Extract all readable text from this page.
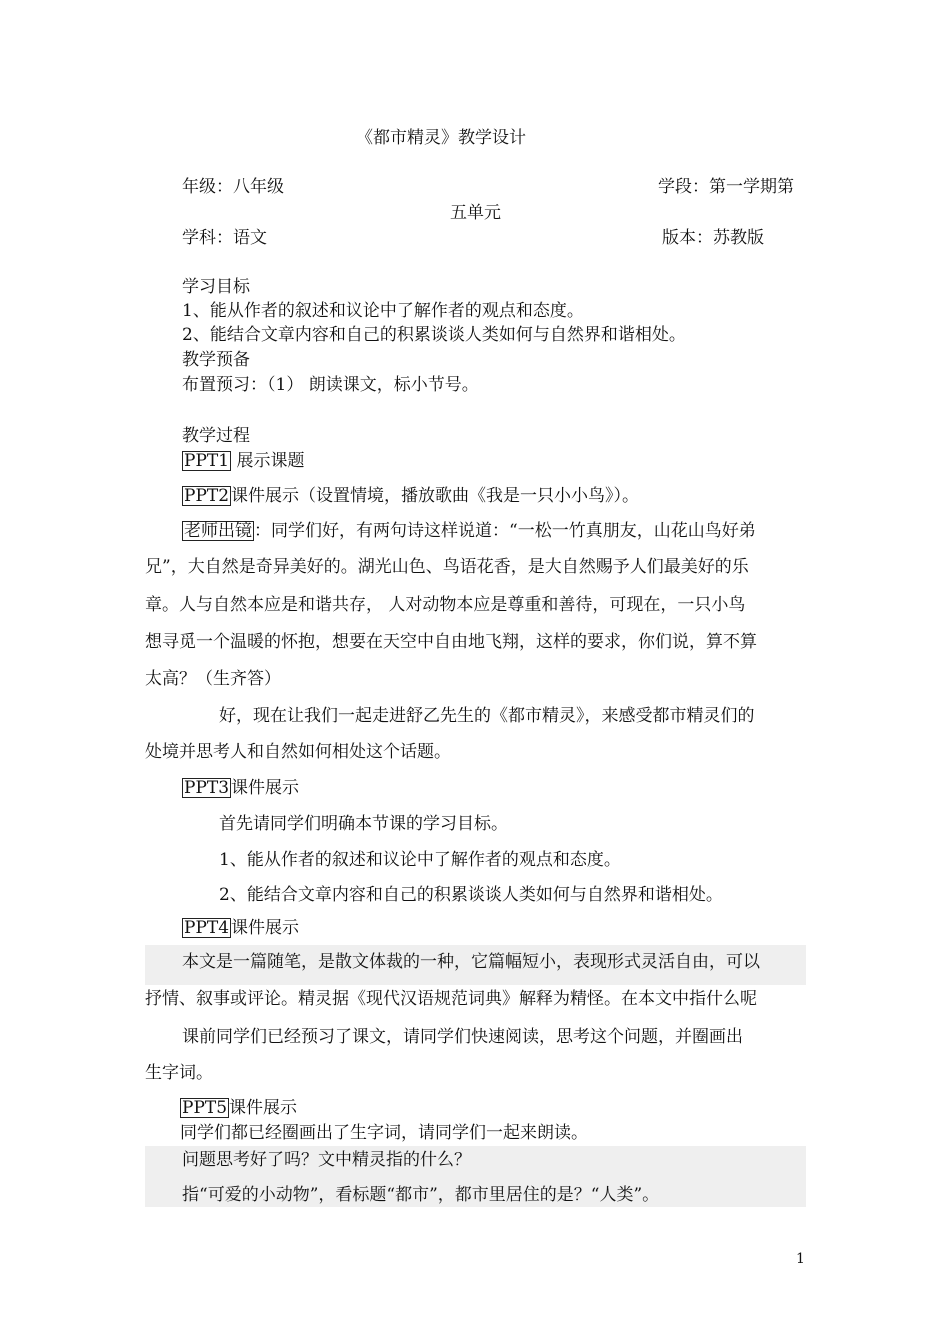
《都市精灵》教学设计
年级：八年级	学段：第一学期第
五单元
学科：语文	版本：苏教版
学习目标
1、能从作者的叙述和议论中了解作者的观点和态度。
2、能结合文章内容和自己的积累谈谈人类如何与自然界和谐相处。
教学预备
布置预习：（1） 朗读课文，标小节号。
教学过程
PPT1 展示课题
PPT2 课件展示（设置情境，播放歌曲《我是一只小小鸟》）。
老师出镜 ：同学们好，有两句诗这样说道：“一松一竹真朋友，山花山鸟好弟
兄”，大自然是奇异美好的。湖光山色、鸟语花香，是大自然赐予人们最美好的乐
章。人与自然本应是和谐共存， 人对动物本应是尊重和善待，可现在，一只小鸟
想寻觅一个温暖的怀抱，想要在天空中自由地飞翔，这样的要求，你们说，算不算
太高？（生齐答）
好，现在让我们一起走进舒乙先生的《都市精灵》，来感受都市精灵们的
处境并思考人和自然如何相处这个话题。
PPT3 课件展示
首先请同学们明确本节课的学习目标。
1、能从作者的叙述和议论中了解作者的观点和态度。
2、能结合文章内容和自己的积累谈谈人类如何与自然界和谐相处。
PPT4 课件展示
本文是一篇随笔，是散文体裁的一种，它篇幅短小，表现形式灵活自由，可以
抒情、叙事或评论。精灵据《现代汉语规范词典》解释为精怪。在本文中指什么呢
课前同学们已经预习了课文，请同学们快速阅读，思考这个问题，并圈画出
生字词。
PPT5 课件展示
同学们都已经圈画出了生字词，请同学们一起来朗读。
问题思考好了吗？文中精灵指的什么？
指“可爱的小动物”，看标题“都市”，都市里居住的是？“人类”。
1
